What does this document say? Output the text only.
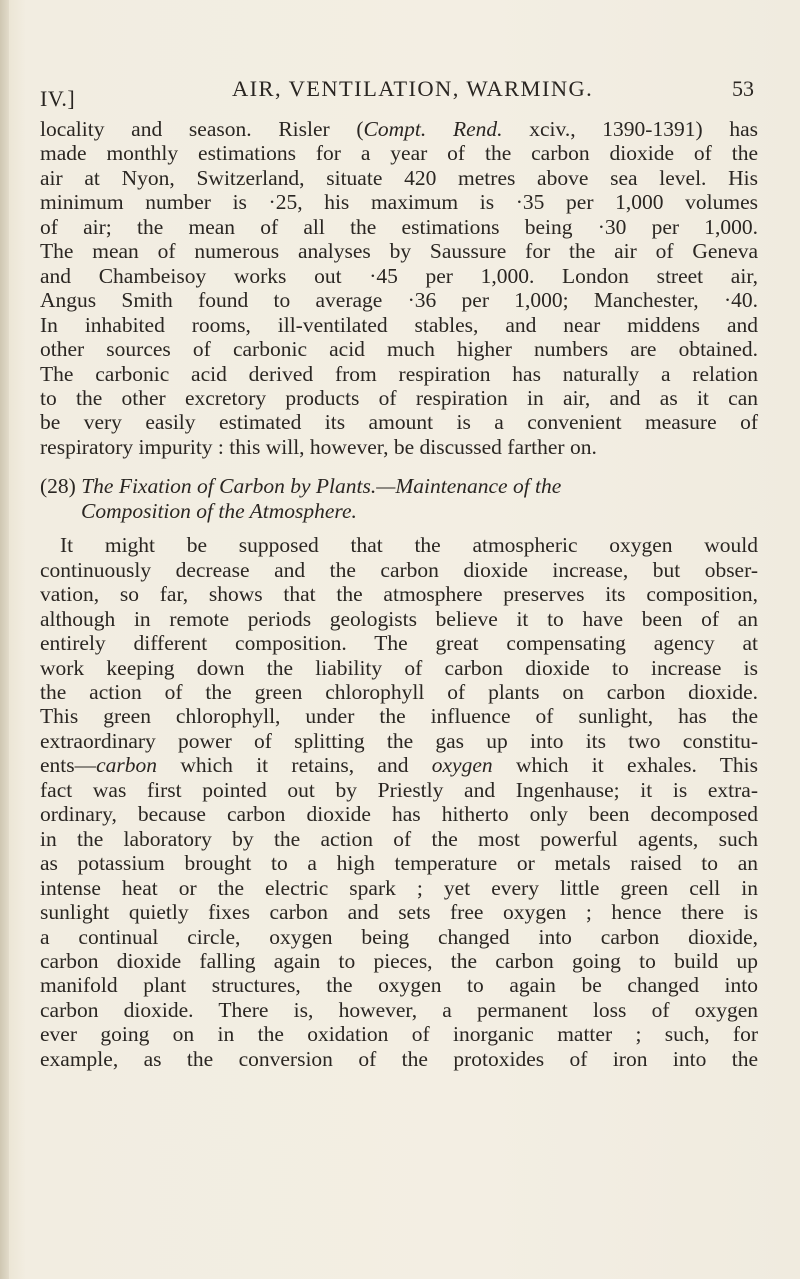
IV.]	AIR, VENTILATION, WARMING.	53

locality and season. Risler (Compt. Rend. xciv., 1390-1391) has
made monthly estimations for a year of the carbon dioxide of the
air at Nyon, Switzerland, situate 420 metres above sea level. His
minimum number is ·25, his maximum is ·35 per 1,000 volumes
of air; the mean of all the estimations being ·30 per 1,000.
The mean of numerous analyses by Saussure for the air of Geneva
and Chambeisoy works out ·45 per 1,000. London street air,
Angus Smith found to average ·36 per 1,000; Manchester, ·40.
In inhabited rooms, ill-ventilated stables, and near middens and
other sources of carbonic acid much higher numbers are obtained.
The carbonic acid derived from respiration has naturally a relation
to the other excretory products of respiration in air, and as it can
be very easily estimated its amount is a convenient measure of
respiratory impurity : this will, however, be discussed farther on.

(28) The Fixation of Carbon by Plants.—Maintenance of the
Composition of the Atmosphere.

It might be supposed that the atmospheric oxygen would
continuously decrease and the carbon dioxide increase, but obser-
vation, so far, shows that the atmosphere preserves its composition,
although in remote periods geologists believe it to have been of an
entirely different composition. The great compensating agency at
work keeping down the liability of carbon dioxide to increase is
the action of the green chlorophyll of plants on carbon dioxide.
This green chlorophyll, under the influence of sunlight, has the
extraordinary power of splitting the gas up into its two constitu-
ents—carbon which it retains, and oxygen which it exhales. This
fact was first pointed out by Priestly and Ingenhause; it is extra-
ordinary, because carbon dioxide has hitherto only been decomposed
in the laboratory by the action of the most powerful agents, such
as potassium brought to a high temperature or metals raised to an
intense heat or the electric spark ; yet every little green cell in
sunlight quietly fixes carbon and sets free oxygen ; hence there is
a continual circle, oxygen being changed into carbon dioxide,
carbon dioxide falling again to pieces, the carbon going to build up
manifold plant structures, the oxygen to again be changed into
carbon dioxide. There is, however, a permanent loss of oxygen
ever going on in the oxidation of inorganic matter ; such, for
example, as the conversion of the protoxides of iron into the
